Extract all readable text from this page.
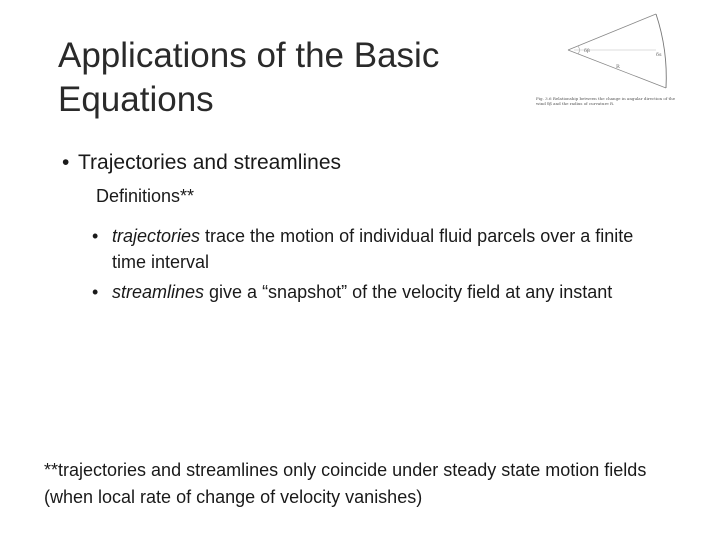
Applications of the Basic Equations
δβ
R
δs
Fig. 3.6 Relationship between the change in angular direction of the wind δβ and the radius of curvature R.
• Trajectories and streamlines
Definitions**
• trajectories trace the motion of individual fluid parcels over a finite time interval
• streamlines give a “snapshot” of the velocity field at any instant
**trajectories and streamlines only coincide under steady state motion fields (when local rate of change of velocity vanishes)
